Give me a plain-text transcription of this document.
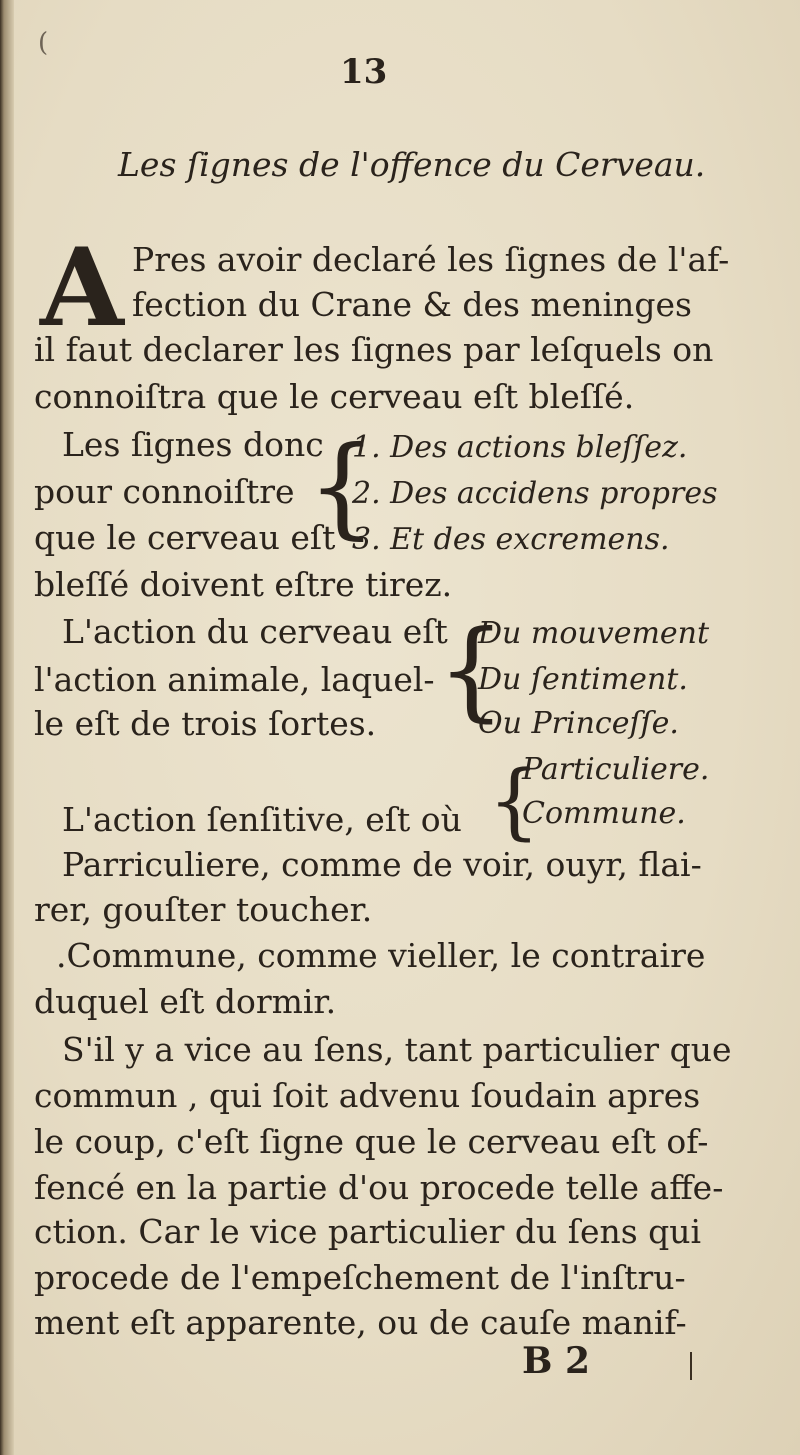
(
13
Les ſignes de l'offence du Cerveau.
A Pres avoir declaré les ſignes de l'af-
fection du Crane & des meninges
il faut declarer les ſignes par leſquels on
connoiſtra que le cerveau eſt bleſſé.
Les ſignes donc
pour connoiſtre
que le cerveau eſt
{
1. Des actions bleſſez.
2. Des accidens propres
3. Et des excremens.
bleſſé doivent eſtre tirez.
L'action du cerveau eſt
l'action animale, laquel-
le eſt de trois ſortes. {
Du mouvement
Du ſentiment.
Ou Princeſſe.
L'action ſenſitive, eſt où {
Particuliere.
Commune.
Parriculiere, comme de voir, ouyr, flai-
rer, gouſter toucher.
.Commune, comme vieller, le contraire
duquel eſt dormir.
S'il y a vice au ſens, tant particulier que
commun , qui ſoit advenu ſoudain apres
le coup, c'eſt ſigne que le cerveau eſt of-
fencé en la partie d'ou procede telle affe-
ction. Car le vice particulier du ſens qui
procede de l'empeſchement de l'inſtru-
ment eſt apparente, ou de cauſe manif-
B 2
